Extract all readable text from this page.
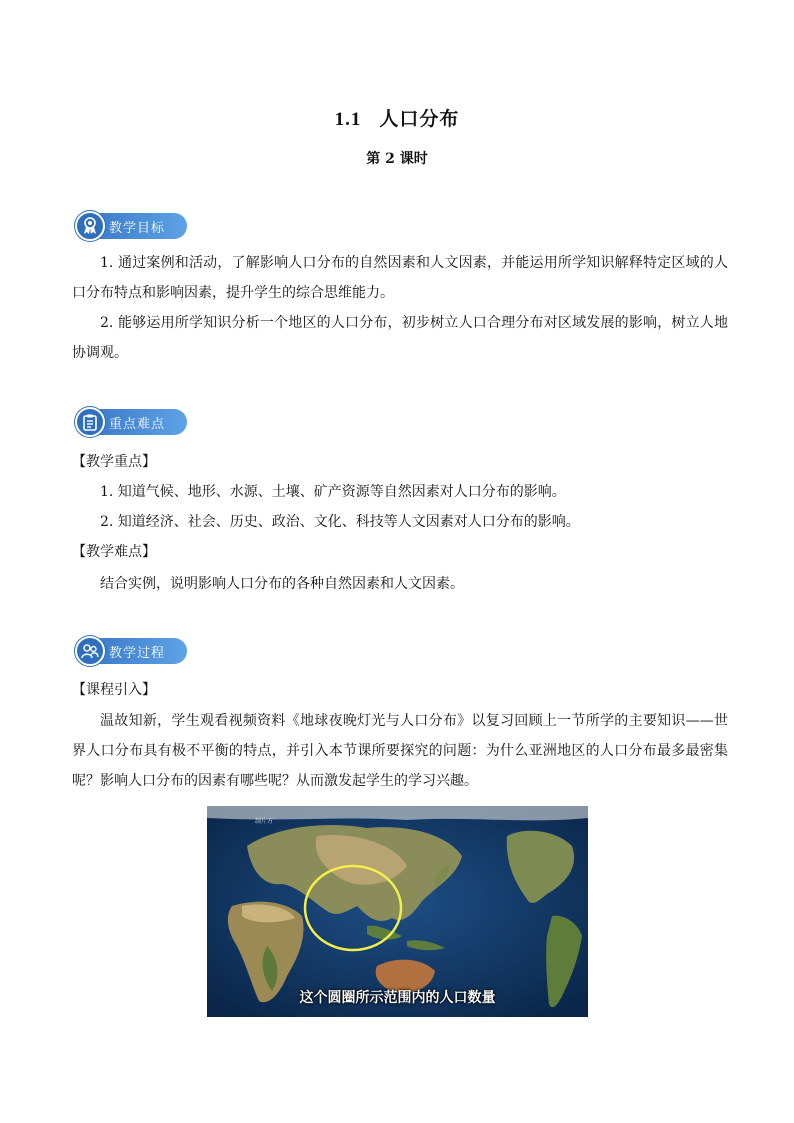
1.1 人口分布
第 2 课时
教学目标
1. 通过案例和活动，了解影响人口分布的自然因素和人文因素，并能运用所学知识解释特定区域的人口分布特点和影响因素，提升学生的综合思维能力。
2. 能够运用所学知识分析一个地区的人口分布，初步树立人口合理分布对区域发展的影响，树立人地协调观。
重点难点
【教学重点】
1. 知道气候、地形、水源、土壤、矿产资源等自然因素对人口分布的影响。
2. 知道经济、社会、历史、政治、文化、科技等人文因素对人口分布的影响。
【教学难点】
结合实例，说明影响人口分布的各种自然因素和人文因素。
教学过程
【课程引入】
温故知新，学生观看视频资料《地球夜晚灯光与人口分布》以复习回顾上一节所学的主要知识——世界人口分布具有极不平衡的特点，并引入本节课所要探究的问题：为什么亚洲地区的人口分布最多最密集呢？影响人口分布的因素有哪些呢？从而激发起学生的学习兴趣。
制片方
这个圆圈所示范围内的人口数量
